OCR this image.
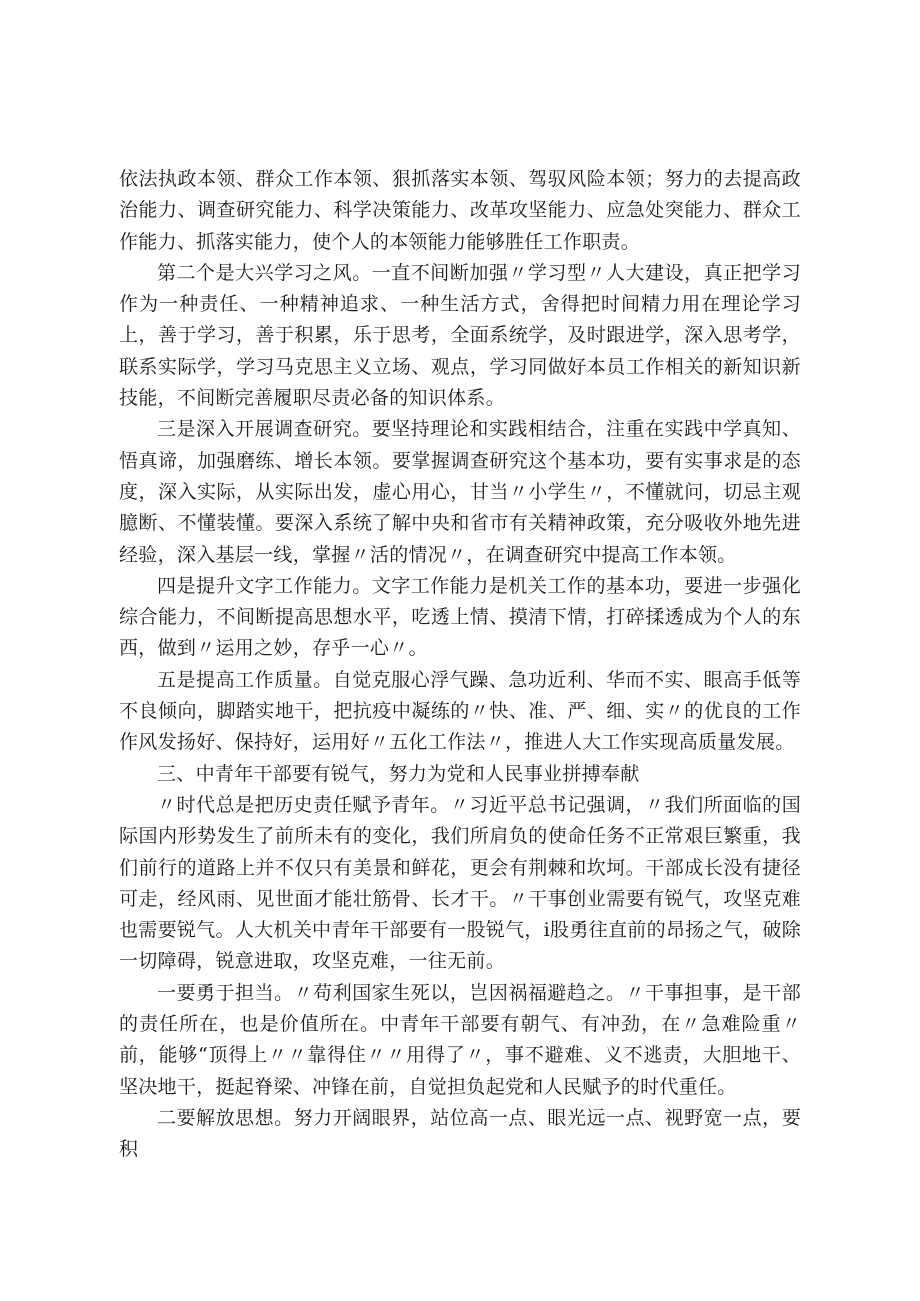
依法执政本领、群众工作本领、狠抓落实本领、驾驭风险本领；努力的去提高政治能力、调查研究能力、科学决策能力、改革攻坚能力、应急处突能力、群众工作能力、抓落实能力，使个人的本领能力能够胜任工作职责。

第二个是大兴学习之风。一直不间断加强〃学习型〃人大建设，真正把学习作为一种责任、一种精神追求、一种生活方式，舍得把时间精力用在理论学习上，善于学习，善于积累，乐于思考，全面系统学，及时跟进学，深入思考学，联系实际学，学习马克思主义立场、观点，学习同做好本员工作相关的新知识新技能，不间断完善履职尽责必备的知识体系。

三是深入开展调查研究。要坚持理论和实践相结合，注重在实践中学真知、悟真谛，加强磨练、增长本领。要掌握调查研究这个基本功，要有实事求是的态度，深入实际，从实际出发，虚心用心，甘当〃小学生〃，不懂就问，切忌主观臆断、不懂装懂。要深入系统了解中央和省市有关精神政策，充分吸收外地先进经验，深入基层一线，掌握〃活的情况〃，在调查研究中提高工作本领。

四是提升文字工作能力。文字工作能力是机关工作的基本功，要进一步强化综合能力，不间断提高思想水平，吃透上情、摸清下情，打碎揉透成为个人的东西，做到〃运用之妙，存乎一心〃。

五是提高工作质量。自觉克服心浮气躁、急功近利、华而不实、眼高手低等不良倾向，脚踏实地干，把抗疫中凝练的〃快、准、严、细、实〃的优良的工作作风发扬好、保持好，运用好〃五化工作法〃，推进人大工作实现高质量发展。

三、中青年干部要有锐气，努力为党和人民事业拼搏奉献

〃时代总是把历史责任赋予青年。〃习近平总书记强调，〃我们所面临的国际国内形势发生了前所未有的变化，我们所肩负的使命任务不正常艰巨繁重，我们前行的道路上并不仅只有美景和鲜花，更会有荆棘和坎坷。干部成长没有捷径可走，经风雨、见世面才能壮筋骨、长才干。〃干事创业需要有锐气，攻坚克难也需要锐气。人大机关中青年干部要有一股锐气，i股勇往直前的昂扬之气，破除一切障碍，锐意进取，攻坚克难，一往无前。

一要勇于担当。〃苟利国家生死以，岂因祸福避趋之。〃干事担事，是干部的责任所在，也是价值所在。中青年干部要有朝气、有冲劲，在〃急难险重〃前，能够“顶得上〃〃靠得住〃〃用得了〃，事不避难、义不逃责，大胆地干、坚决地干，挺起脊梁、冲锋在前，自觉担负起党和人民赋予的时代重任。

二要解放思想。努力开阔眼界，站位高一点、眼光远一点、视野宽一点，要积
